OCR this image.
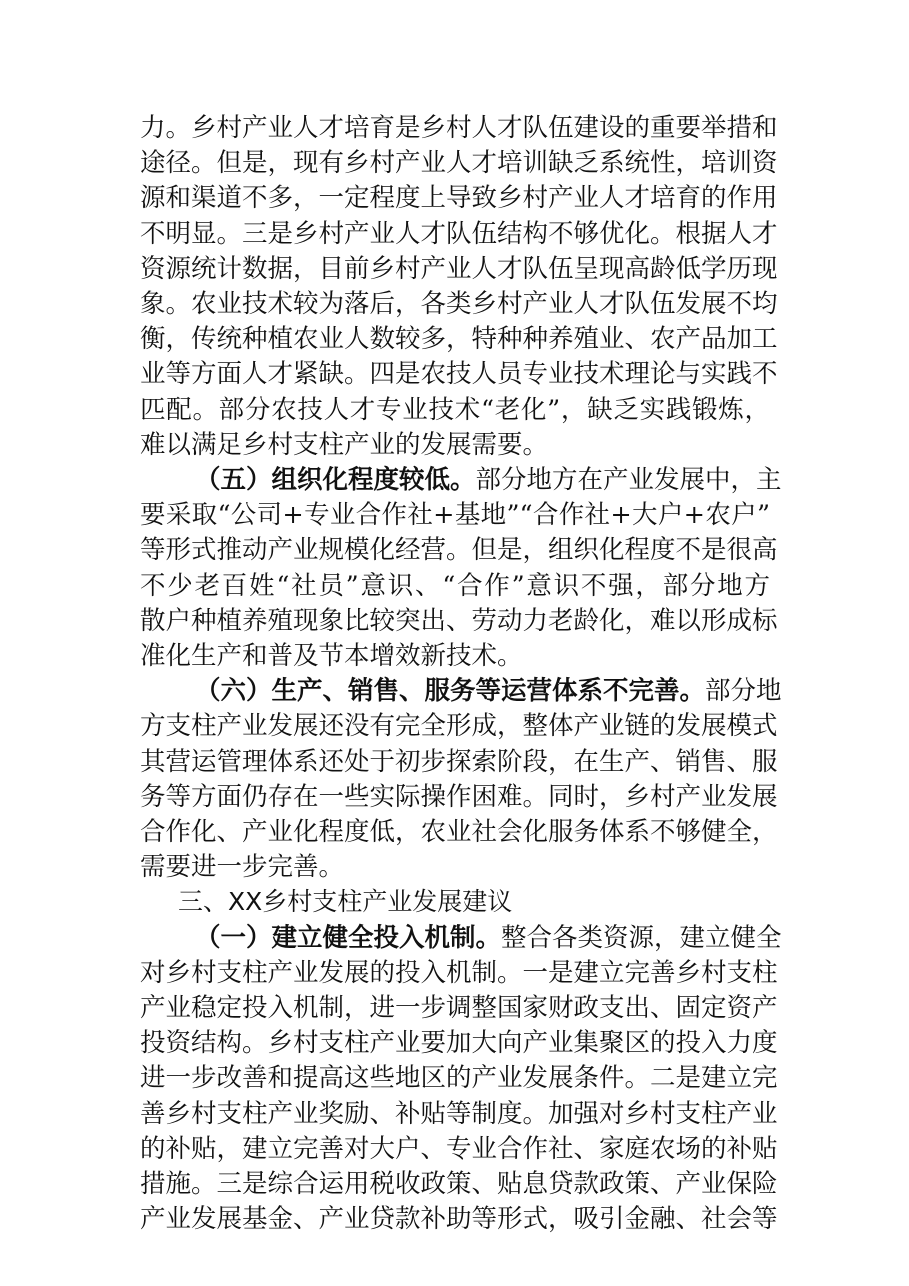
力。乡村产业人才培育是乡村人才队伍建设的重要举措和
途径。但是，现有乡村产业人才培训缺乏系统性，培训资
源和渠道不多，一定程度上导致乡村产业人才培育的作用
不明显。三是乡村产业人才队伍结构不够优化。根据人才
资源统计数据，目前乡村产业人才队伍呈现高龄低学历现
象。农业技术较为落后，各类乡村产业人才队伍发展不均
衡，传统种植农业人数较多，特种种养殖业、农产品加工
业等方面人才紧缺。四是农技人员专业技术理论与实践不
匹配。部分农技人才专业技术“老化”，缺乏实践锻炼，
难以满足乡村支柱产业的发展需要。
（五）组织化程度较低。部分地方在产业发展中，主
要采取“公司+专业合作社+基地”“合作社+大户+农户”
等形式推动产业规模化经营。但是，组织化程度不是很高
不少老百姓“社员”意识、“合作”意识不强，部分地方
散户种植养殖现象比较突出、劳动力老龄化，难以形成标
准化生产和普及节本增效新技术。
（六）生产、销售、服务等运营体系不完善。部分地
方支柱产业发展还没有完全形成，整体产业链的发展模式
其营运管理体系还处于初步探索阶段，在生产、销售、服
务等方面仍存在一些实际操作困难。同时，乡村产业发展
合作化、产业化程度低，农业社会化服务体系不够健全，
需要进一步完善。
三、XX乡村支柱产业发展建议
（一）建立健全投入机制。整合各类资源，建立健全
对乡村支柱产业发展的投入机制。一是建立完善乡村支柱
产业稳定投入机制，进一步调整国家财政支出、固定资产
投资结构。乡村支柱产业要加大向产业集聚区的投入力度
进一步改善和提高这些地区的产业发展条件。二是建立完
善乡村支柱产业奖励、补贴等制度。加强对乡村支柱产业
的补贴，建立完善对大户、专业合作社、家庭农场的补贴
措施。三是综合运用税收政策、贴息贷款政策、产业保险
产业发展基金、产业贷款补助等形式，吸引金融、社会等
